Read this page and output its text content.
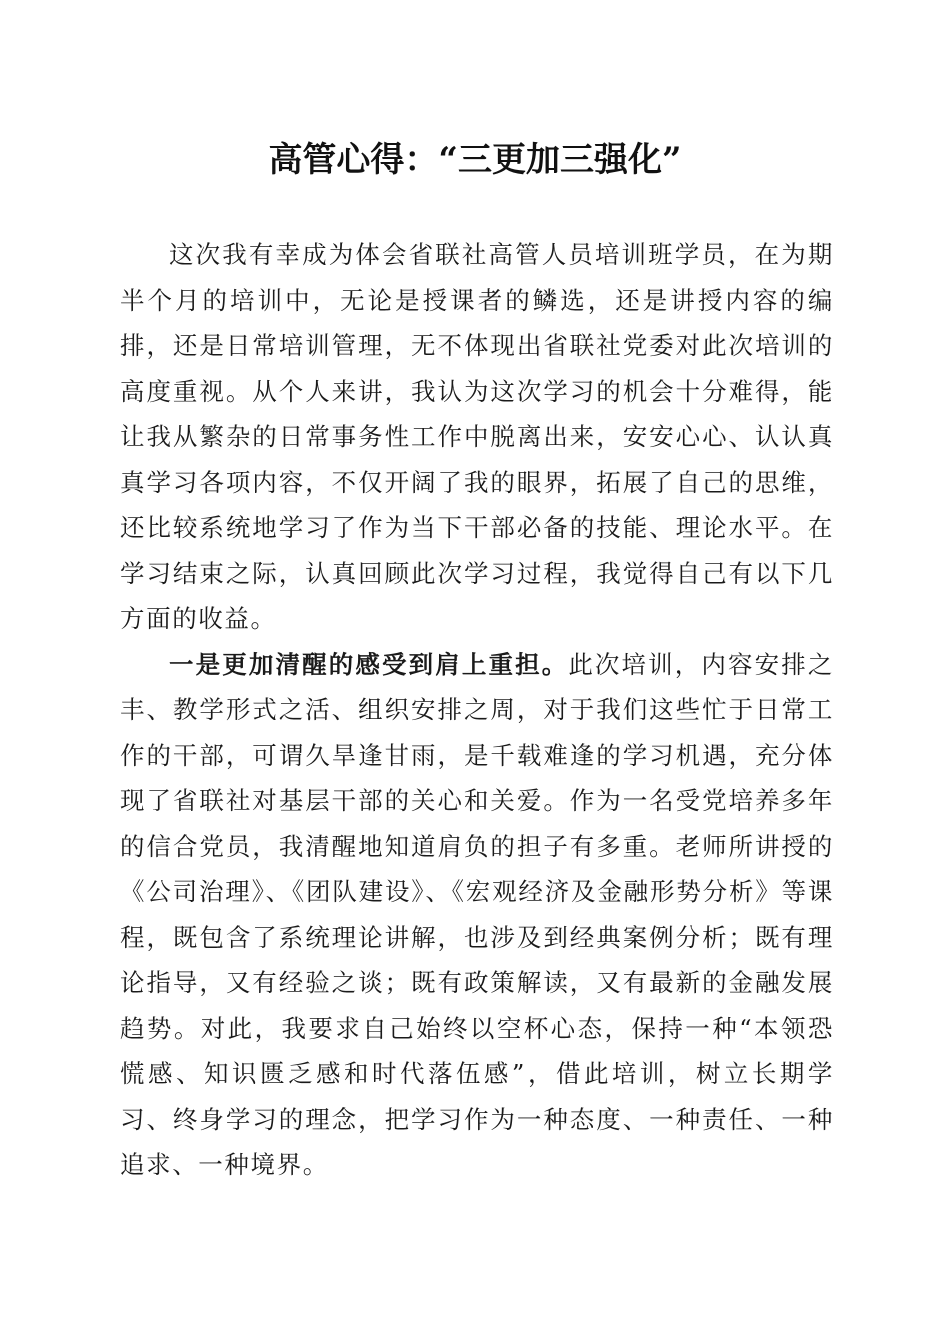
高管心得：“三更加三强化”

这次我有幸成为体会省联社高管人员培训班学员，在为期半个月的培训中，无论是授课者的鳞选，还是讲授内容的编排，还是日常培训管理，无不体现出省联社党委对此次培训的高度重视。从个人来讲，我认为这次学习的机会十分难得，能让我从繁杂的日常事务性工作中脱离出来，安安心心、认认真真学习各项内容，不仅开阔了我的眼界，拓展了自己的思维，还比较系统地学习了作为当下干部必备的技能、理论水平。在学习结束之际，认真回顾此次学习过程，我觉得自己有以下几方面的收益。

一是更加清醒的感受到肩上重担。此次培训，内容安排之丰、教学形式之活、组织安排之周，对于我们这些忙于日常工作的干部，可谓久旱逢甘雨，是千载难逢的学习机遇，充分体现了省联社对基层干部的关心和关爱。作为一名受党培养多年的信合党员，我清醒地知道肩负的担子有多重。老师所讲授的《公司治理》、《团队建设》、《宏观经济及金融形势分析》等课程，既包含了系统理论讲解，也涉及到经典案例分析；既有理论指导，又有经验之谈；既有政策解读，又有最新的金融发展趋势。对此，我要求自己始终以空杯心态，保持一种“本领恐慌感、知识匮乏感和时代落伍感”，借此培训，树立长期学习、终身学习的理念，把学习作为一种态度、一种责任、一种追求、一种境界。
